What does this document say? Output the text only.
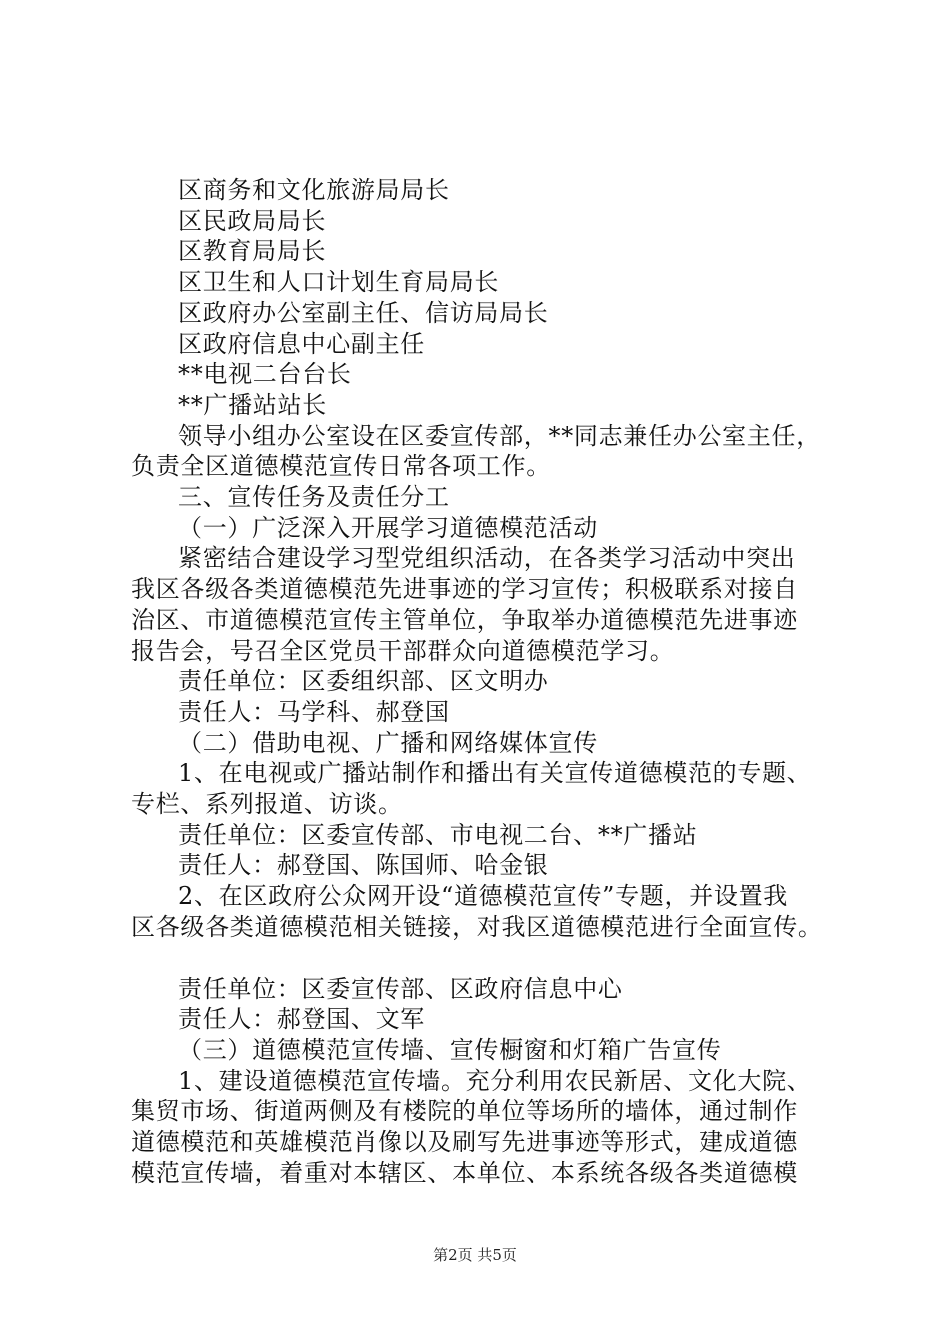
区商务和文化旅游局局长
区民政局局长
区教育局局长
区卫生和人口计划生育局局长
区政府办公室副主任、信访局局长
区政府信息中心副主任
**电视二台台长
**广播站站长
领导小组办公室设在区委宣传部，**同志兼任办公室主任，
负责全区道德模范宣传日常各项工作。
三、宣传任务及责任分工
（一）广泛深入开展学习道德模范活动
紧密结合建设学习型党组织活动，在各类学习活动中突出
我区各级各类道德模范先进事迹的学习宣传；积极联系对接自
治区、市道德模范宣传主管单位，争取举办道德模范先进事迹
报告会，号召全区党员干部群众向道德模范学习。
责任单位：区委组织部、区文明办
责任人：马学科、郝登国
（二）借助电视、广播和网络媒体宣传
1、在电视或广播站制作和播出有关宣传道德模范的专题、
专栏、系列报道、访谈。
责任单位：区委宣传部、市电视二台、**广播站
责任人：郝登国、陈国师、哈金银
2、在区政府公众网开设“道德模范宣传”专题，并设置我
区各级各类道德模范相关链接，对我区道德模范进行全面宣传。
责任单位：区委宣传部、区政府信息中心
责任人：郝登国、文军
（三）道德模范宣传墙、宣传橱窗和灯箱广告宣传
1、建设道德模范宣传墙。充分利用农民新居、文化大院、
集贸市场、街道两侧及有楼院的单位等场所的墙体，通过制作
道德模范和英雄模范肖像以及刷写先进事迹等形式，建成道德
模范宣传墙，着重对本辖区、本单位、本系统各级各类道德模
第2页 共5页
